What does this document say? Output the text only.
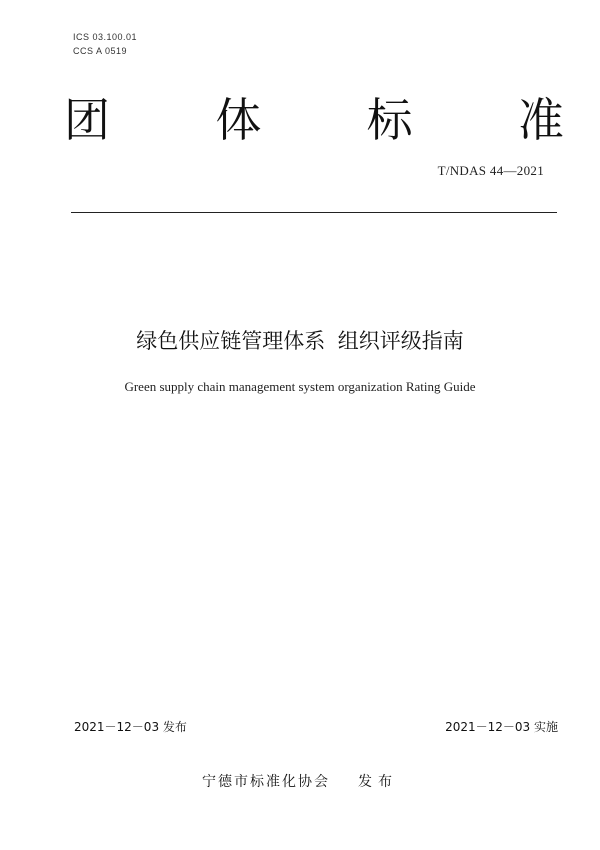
ICS 03.100.01
CCS A 0519
团 体 标 准
T/NDAS 44—2021
绿色供应链管理体系 组织评级指南
Green supply chain management system organization Rating Guide
2021－12－03 发布	2021－12－03 实施
宁德市标准化协会 发布
